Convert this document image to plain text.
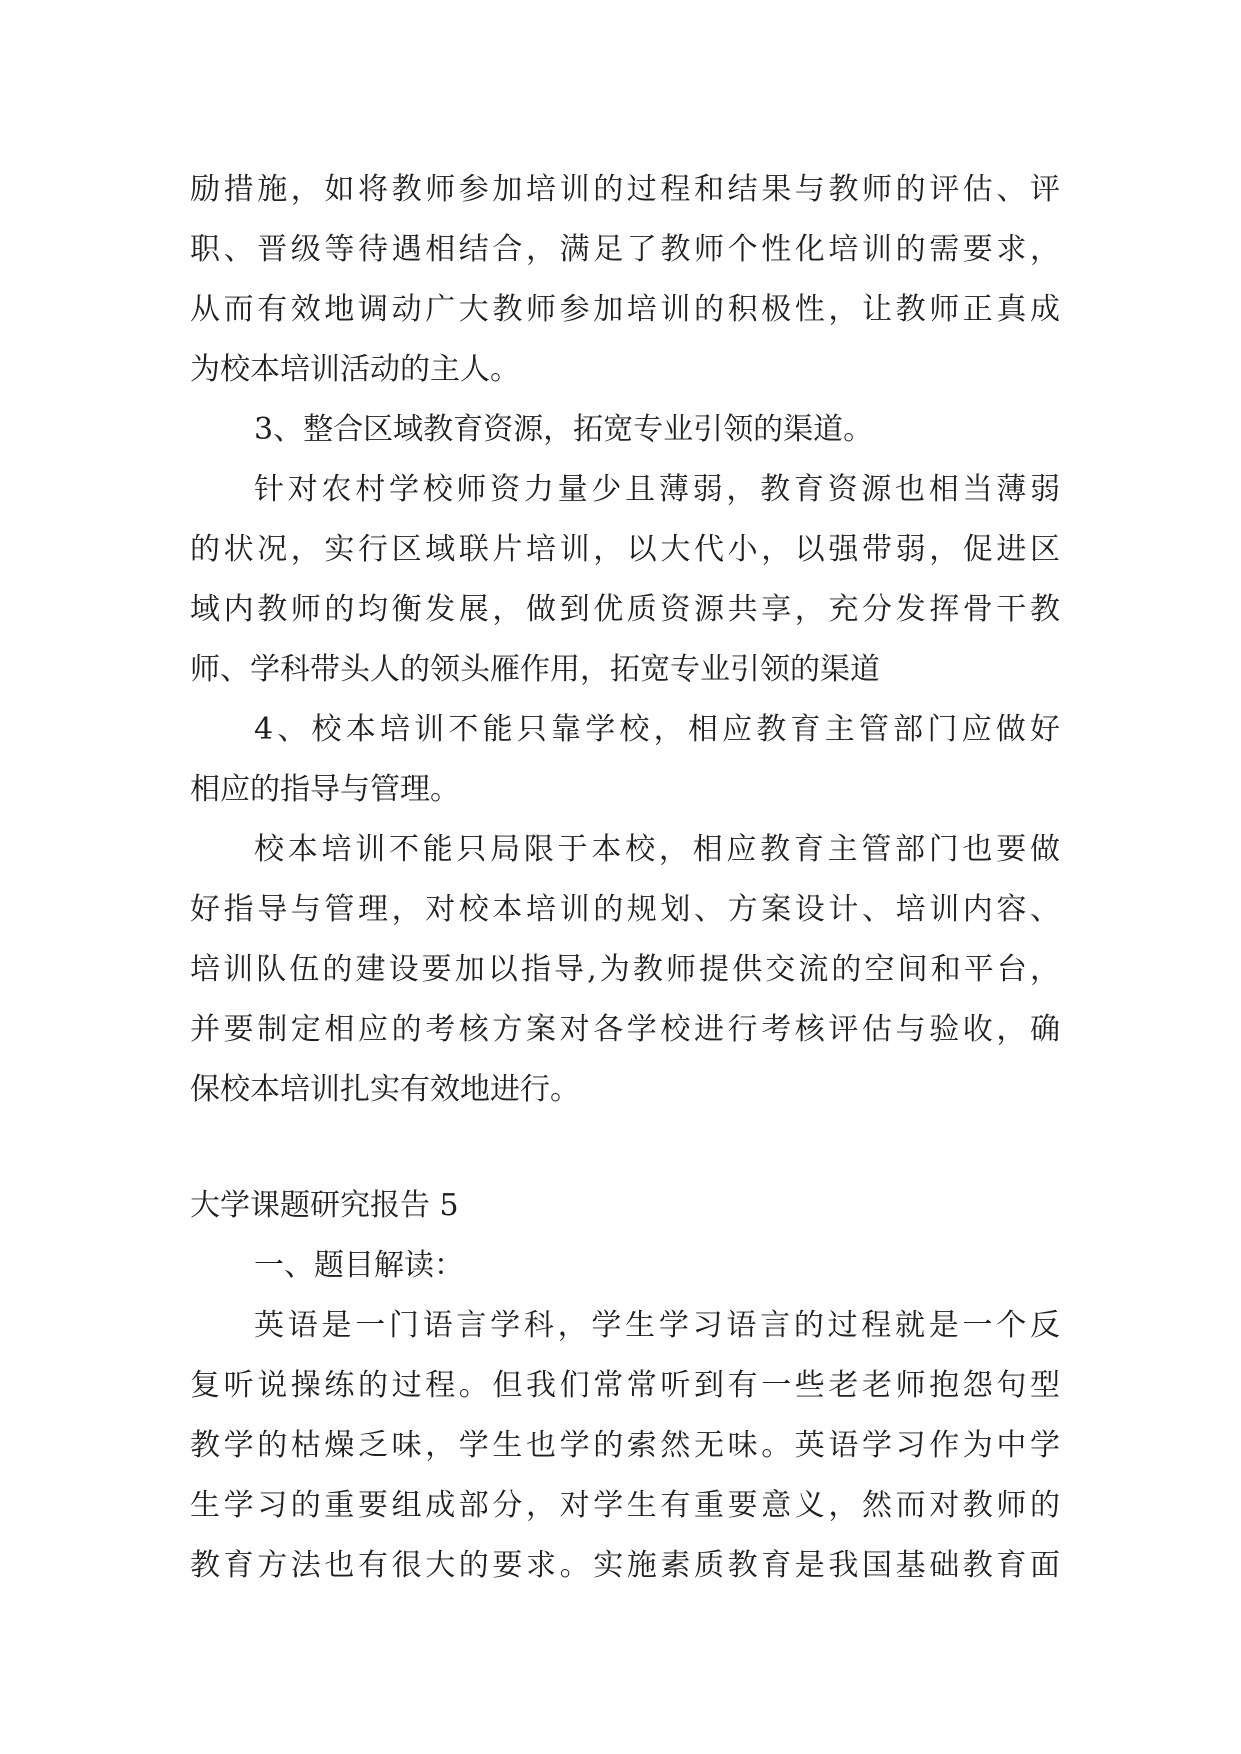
励措施，如将教师参加培训的过程和结果与教师的评估、评
职、晋级等待遇相结合，满足了教师个性化培训的需要求，
从而有效地调动广大教师参加培训的积极性，让教师正真成
为校本培训活动的主人。
3、整合区域教育资源，拓宽专业引领的渠道。
针对农村学校师资力量少且薄弱，教育资源也相当薄弱
的状况，实行区域联片培训，以大代小，以强带弱，促进区
域内教师的均衡发展，做到优质资源共享，充分发挥骨干教
师、学科带头人的领头雁作用，拓宽专业引领的渠道
4、校本培训不能只靠学校，相应教育主管部门应做好
相应的指导与管理。
校本培训不能只局限于本校，相应教育主管部门也要做
好指导与管理，对校本培训的规划、方案设计、培训内容、
培训队伍的建设要加以指导,为教师提供交流的空间和平台，
并要制定相应的考核方案对各学校进行考核评估与验收，确
保校本培训扎实有效地进行。
大学课题研究报告 5
一、题目解读：
英语是一门语言学科，学生学习语言的过程就是一个反
复听说操练的过程。但我们常常听到有一些老老师抱怨句型
教学的枯燥乏味，学生也学的索然无味。英语学习作为中学
生学习的重要组成部分，对学生有重要意义，然而对教师的
教育方法也有很大的要求。实施素质教育是我国基础教育面
